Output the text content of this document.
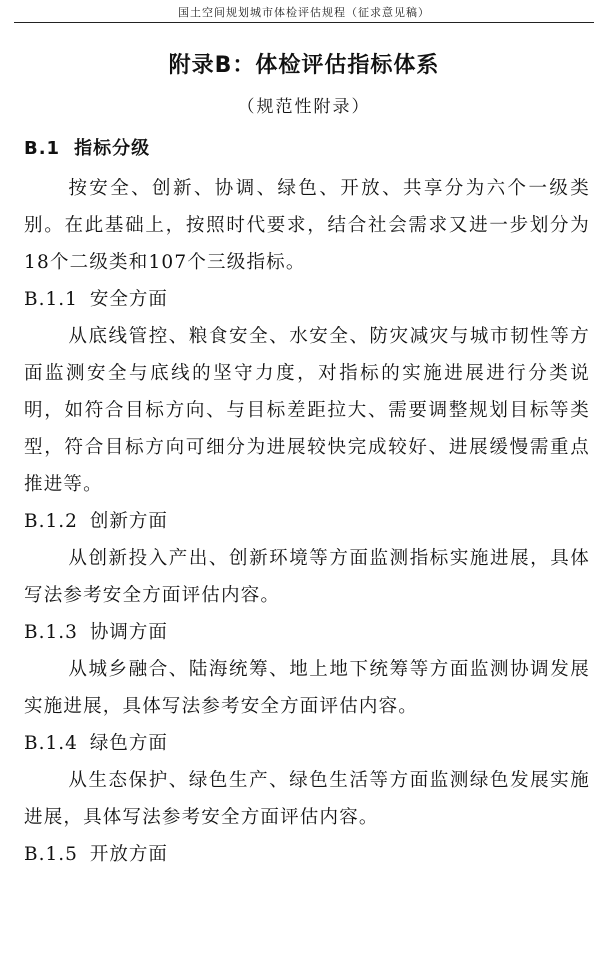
国土空间规划城市体检评估规程（征求意见稿）
附录B：体检评估指标体系
（规范性附录）
B.1 指标分级

按安全、创新、协调、绿色、开放、共享分为六个一级类别。在此基础上，按照时代要求，结合社会需求又进一步划分为18个二级类和107个三级指标。

B.1.1 安全方面

从底线管控、粮食安全、水安全、防灾减灾与城市韧性等方面监测安全与底线的坚守力度，对指标的实施进展进行分类说明，如符合目标方向、与目标差距拉大、需要调整规划目标等类型，符合目标方向可细分为进展较快完成较好、进展缓慢需重点推进等。

B.1.2 创新方面

从创新投入产出、创新环境等方面监测指标实施进展，具体写法参考安全方面评估内容。

B.1.3 协调方面

从城乡融合、陆海统筹、地上地下统筹等方面监测协调发展实施进展，具体写法参考安全方面评估内容。

B.1.4 绿色方面

从生态保护、绿色生产、绿色生活等方面监测绿色发展实施进展，具体写法参考安全方面评估内容。

B.1.5 开放方面
